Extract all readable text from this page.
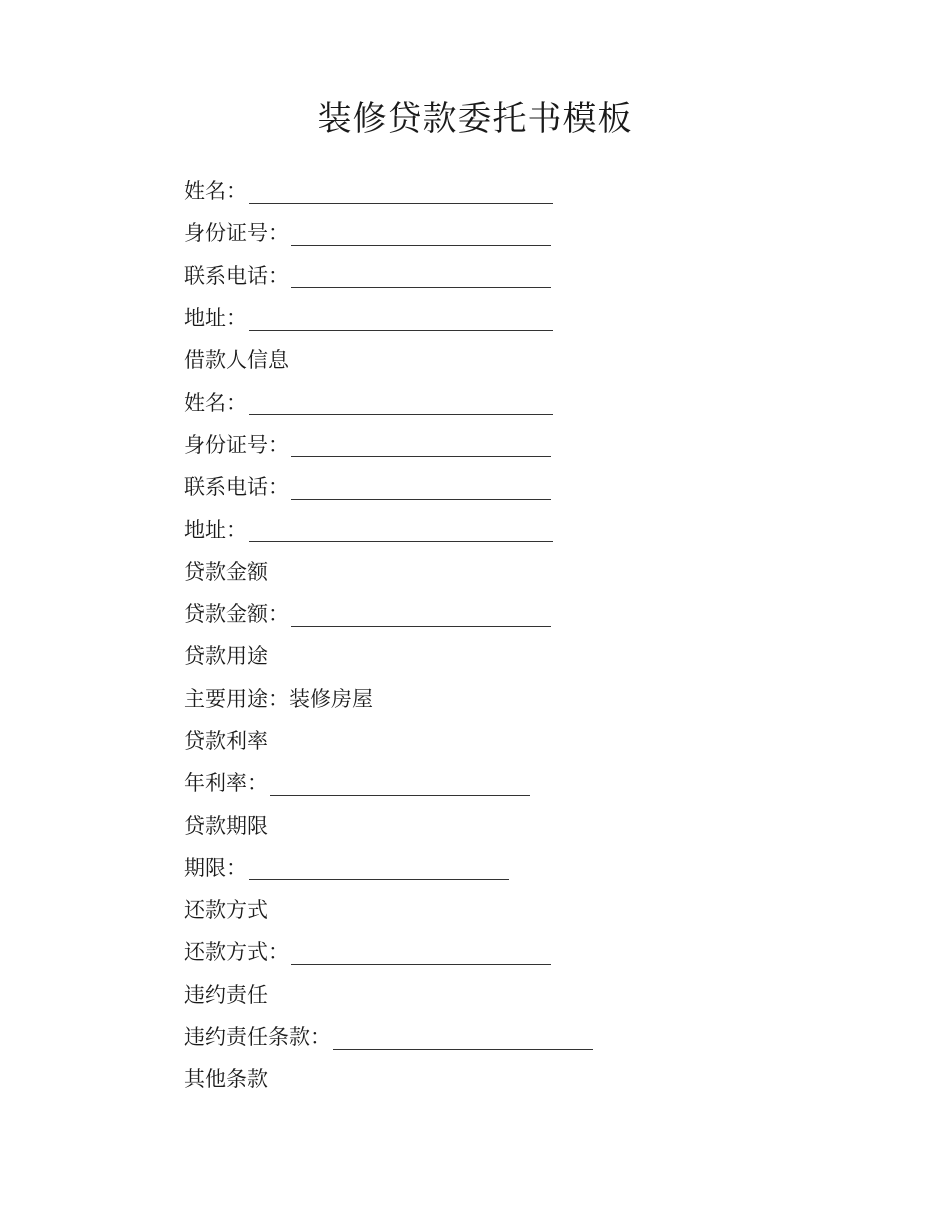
装修贷款委托书模板
姓名：
身份证号：
联系电话：
地址：
借款人信息
姓名：
身份证号：
联系电话：
地址：
贷款金额
贷款金额：
贷款用途
主要用途：装修房屋
贷款利率
年利率：
贷款期限
期限：
还款方式
还款方式：
违约责任
违约责任条款：
其他条款
